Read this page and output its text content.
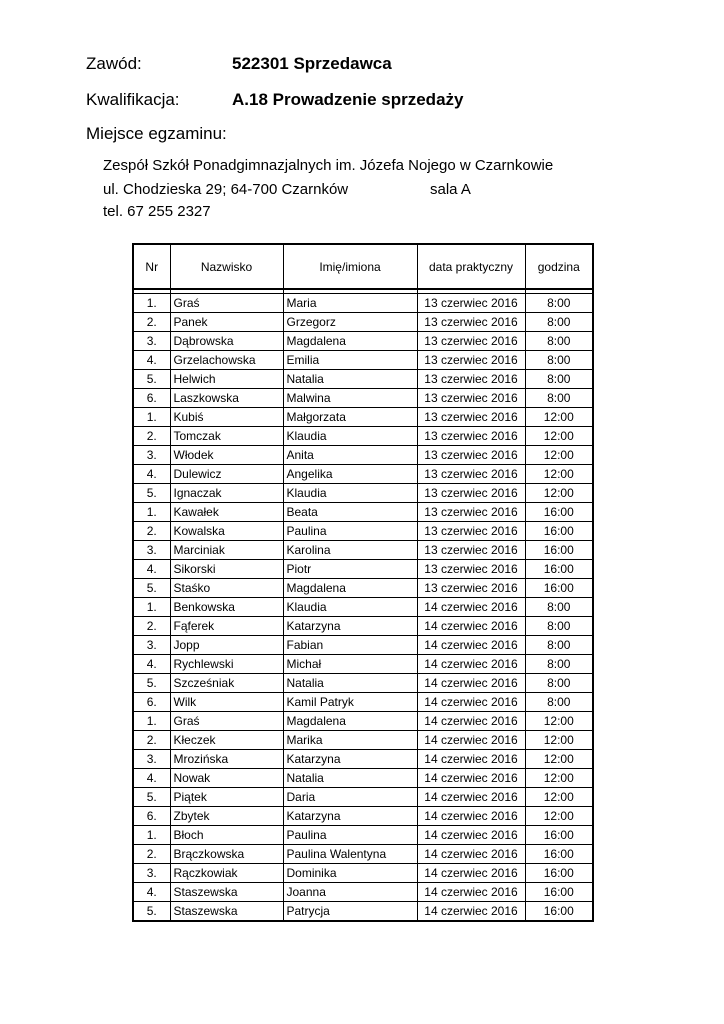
Zawód:	522301 Sprzedawca
Kwalifikacja:	A.18 Prowadzenie sprzedaży
Miejsce egzaminu:
Zespół Szkół Ponadgimnazjalnych im. Józefa Nojego w Czarnkowie
ul. Chodzieska 29; 64-700 Czarnków	sala A
tel. 67 255 2327
Nr	Nazwisko	Imię/imiona	data praktyczny	godzina

1.	Graś	Maria	13 czerwiec 2016	8:00
2.	Panek	Grzegorz	13 czerwiec 2016	8:00
3.	Dąbrowska	Magdalena	13 czerwiec 2016	8:00
4.	Grzelachowska	Emilia	13 czerwiec 2016	8:00
5.	Helwich	Natalia	13 czerwiec 2016	8:00
6.	Laszkowska	Malwina	13 czerwiec 2016	8:00
1.	Kubiś	Małgorzata	13 czerwiec 2016	12:00
2.	Tomczak	Klaudia	13 czerwiec 2016	12:00
3.	Włodek	Anita	13 czerwiec 2016	12:00
4.	Dulewicz	Angelika	13 czerwiec 2016	12:00
5.	Ignaczak	Klaudia	13 czerwiec 2016	12:00
1.	Kawałek	Beata	13 czerwiec 2016	16:00
2.	Kowalska	Paulina	13 czerwiec 2016	16:00
3.	Marciniak	Karolina	13 czerwiec 2016	16:00
4.	Sikorski	Piotr	13 czerwiec 2016	16:00
5.	Staśko	Magdalena	13 czerwiec 2016	16:00
1.	Benkowska	Klaudia	14 czerwiec 2016	8:00
2.	Fąferek	Katarzyna	14 czerwiec 2016	8:00
3.	Jopp	Fabian	14 czerwiec 2016	8:00
4.	Rychlewski	Michał	14 czerwiec 2016	8:00
5.	Szcześniak	Natalia	14 czerwiec 2016	8:00
6.	Wilk	Kamil Patryk	14 czerwiec 2016	8:00
1.	Graś	Magdalena	14 czerwiec 2016	12:00
2.	Kłeczek	Marika	14 czerwiec 2016	12:00
3.	Mrozińska	Katarzyna	14 czerwiec 2016	12:00
4.	Nowak	Natalia	14 czerwiec 2016	12:00
5.	Piątek	Daria	14 czerwiec 2016	12:00
6.	Zbytek	Katarzyna	14 czerwiec 2016	12:00
1.	Błoch	Paulina	14 czerwiec 2016	16:00
2.	Brączkowska	Paulina Walentyna	14 czerwiec 2016	16:00
3.	Rączkowiak	Dominika	14 czerwiec 2016	16:00
4.	Staszewska	Joanna	14 czerwiec 2016	16:00
5.	Staszewska	Patrycja	14 czerwiec 2016	16:00
